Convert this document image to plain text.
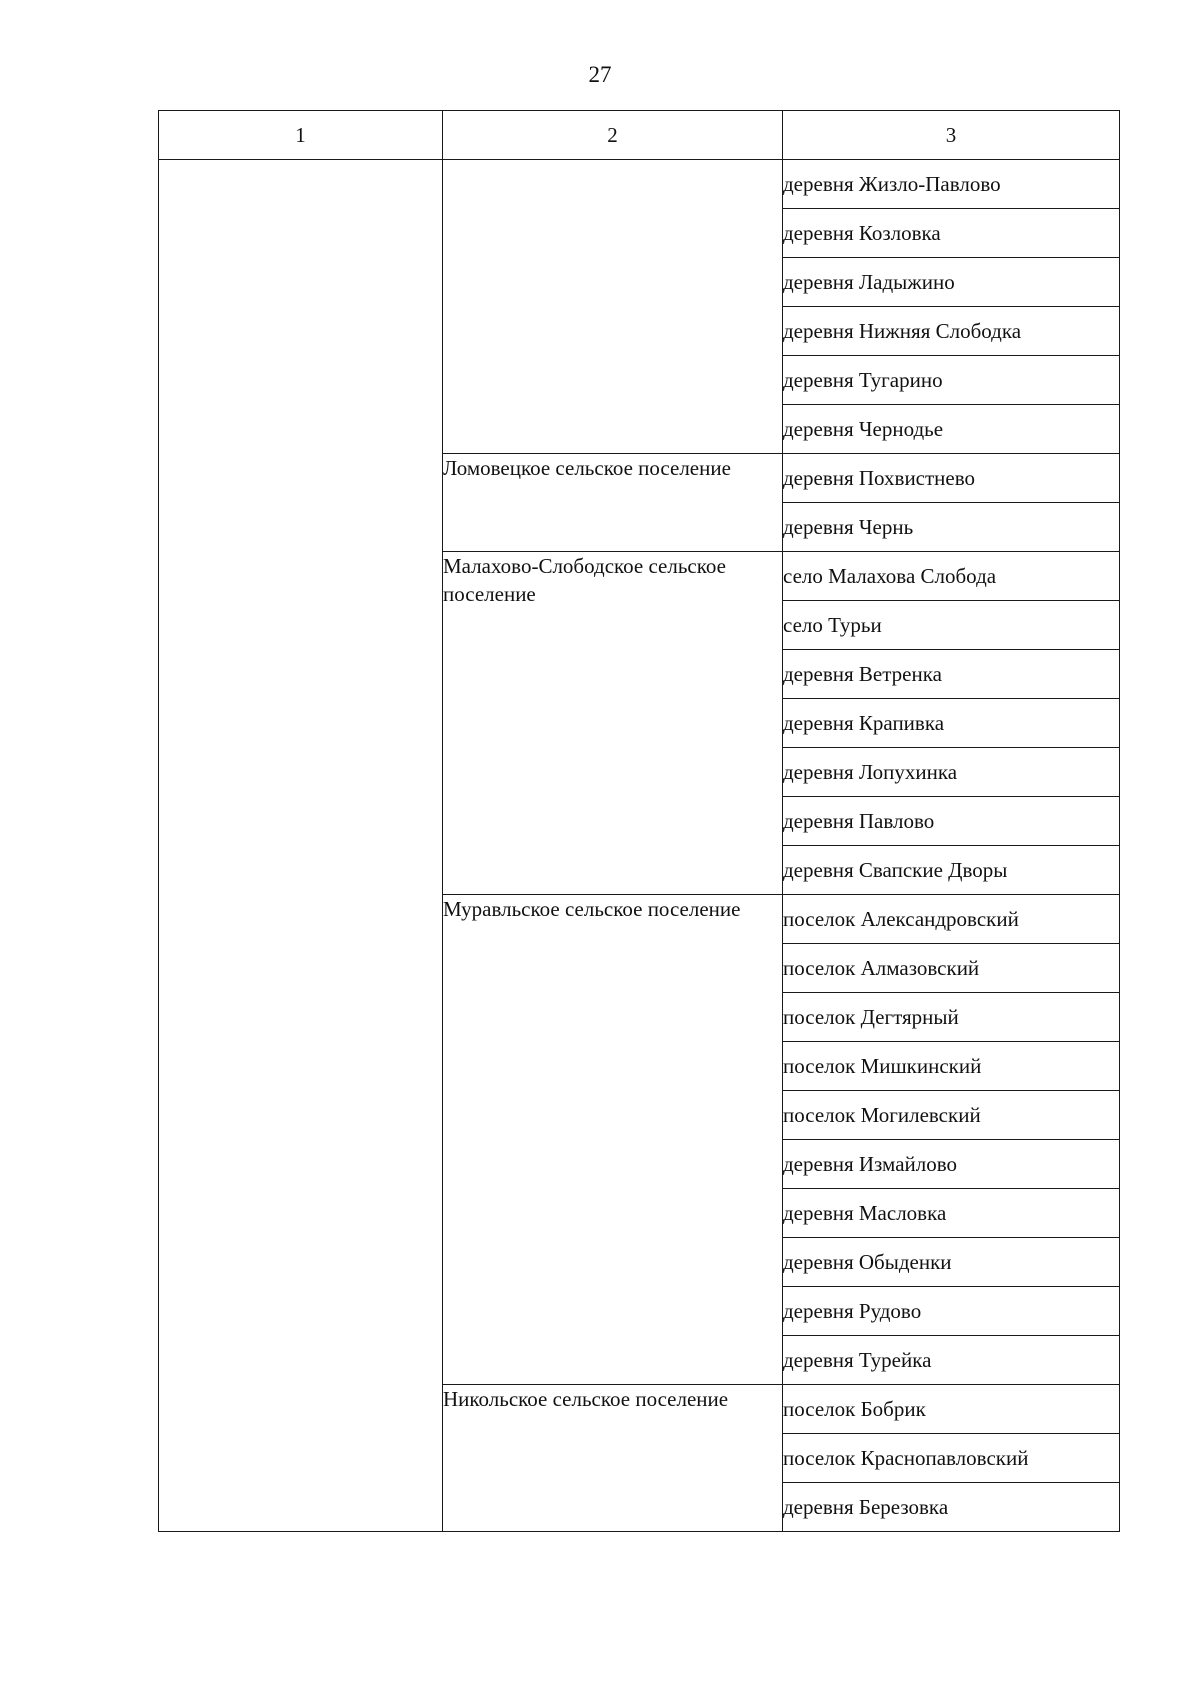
27
1	2	3
		деревня Жизло-Павлово
		деревня Козловка
		деревня Ладыжино
		деревня Нижняя Слободка
		деревня Тугарино
		деревня Чернодье
	Ломовецкое сельское поселение	деревня Похвистнево
		деревня Чернь
	Малахово-Слободское сельское поселение	село Малахова Слобода
		село Турьи
		деревня Ветренка
		деревня Крапивка
		деревня Лопухинка
		деревня Павлово
		деревня Свапские Дворы
	Муравльское сельское поселение	поселок Александровский
		поселок Алмазовский
		поселок Дегтярный
		поселок Мишкинский
		поселок Могилевский
		деревня Измайлово
		деревня Масловка
		деревня Обыденки
		деревня Рудово
		деревня Турейка
	Никольское сельское поселение	поселок Бобрик
		поселок Краснопавловский
		деревня Березовка
